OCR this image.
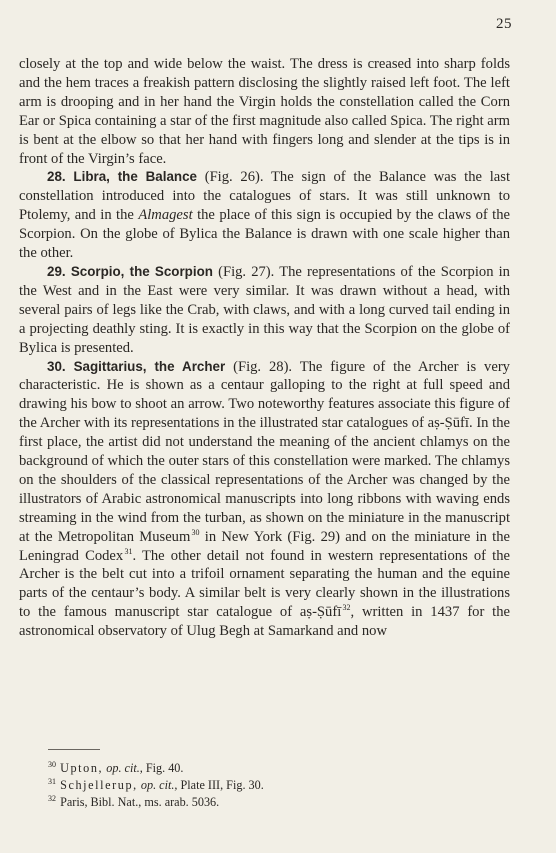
25

closely at the top and wide below the waist. The dress is creased into sharp folds and the hem traces a freakish pattern disclosing the slightly raised left foot. The left arm is drooping and in her hand the Virgin holds the constellation called the Corn Ear or Spica containing a star of the first magnitude also called Spica. The right arm is bent at the elbow so that her hand with fingers long and slender at the tips is in front of the Virgin’s face.

28. Libra, the Balance (Fig. 26). The sign of the Balance was the last constellation introduced into the catalogues of stars. It was still unknown to Ptolemy, and in the Almagest the place of this sign is occupied by the claws of the Scorpion. On the globe of Bylica the Balance is drawn with one scale higher than the other.

29. Scorpio, the Scorpion (Fig. 27). The representations of the Scorpion in the West and in the East were very similar. It was drawn without a head, with several pairs of legs like the Crab, with claws, and with a long curved tail ending in a projecting deathly sting. It is exactly in this way that the Scorpion on the globe of Bylica is presented.

30. Sagittarius, the Archer (Fig. 28). The figure of the Archer is very characteristic. He is shown as a centaur galloping to the right at full speed and drawing his bow to shoot an arrow. Two noteworthy features associate this figure of the Archer with its representations in the illustrated star catalogues of aṣ-Ṣūfī. In the first place, the artist did not understand the meaning of the ancient chlamys on the background of which the outer stars of this constellation were marked. The chlamys on the shoulders of the classical representations of the Archer was changed by the illustrators of Arabic astronomical manuscripts into long ribbons with waving ends streaming in the wind from the turban, as shown on the miniature in the manuscript at the Metropolitan Museum $^{30}$ in New York (Fig. 29) and on the miniature in the Leningrad Codex $^{31}$. The other detail not found in western representations of the Archer is the belt cut into a trifoil ornament separating the human and the equine parts of the centaur’s body. A similar belt is very clearly shown in the illustrations to the famous manuscript star catalogue of aṣ-Ṣūfī $^{32}$, written in 1437 for the astronomical observatory of Ulug Begh at Samarkand and now

$^{30}$  Upton, op. cit., Fig. 40.
$^{31}$  Schjellerup, op. cit., Plate III, Fig. 30.
$^{32}$  Paris, Bibl. Nat., ms. arab. 5036.
